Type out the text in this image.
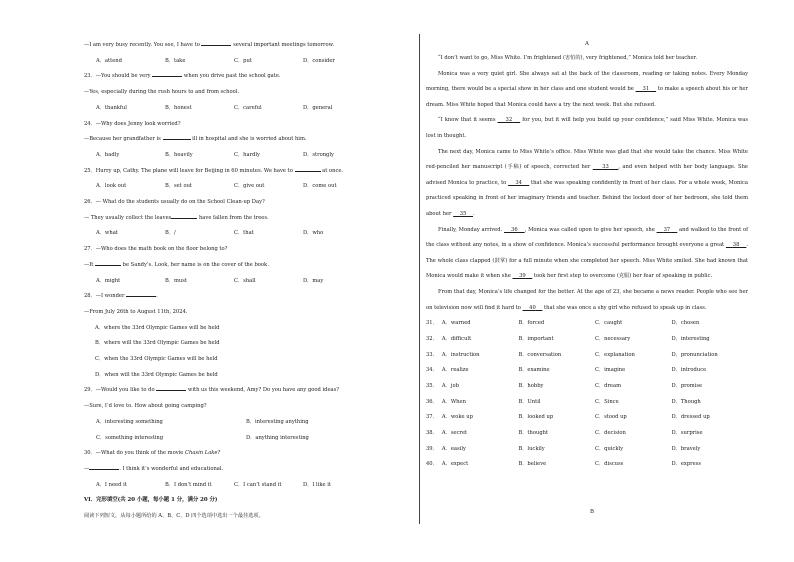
—I am very busy recently. You see, I have to	several important meetings tomorrow.
A．attend	B．take	C．put	D．consider
23．—You should be very	when you drive past the school gate.
—Yes, especially during the rush hours to and from school.
A．thankful	B．honest	C．careful	D．general
24．—Why does Jenny look worried?
—Because her grandfather is	ill in hospital and she is worried about him.
A．badly	B．heavily	C．hardly	D．strongly
25．Hurry up, Cathy. The plane will leave for Beijing in 60 minutes. We have to	at once.
A．look out	B．set out	C．give out	D．come out
26．— What do the students usually do on the School Clean-up Day?
— They usually collect the leaves	have fallen from the trees.
A．what	B．/	C．that	D．who
27．—Who does the math book on the floor belong to?
—It	be Sandy’s. Look, her name is on the cover of the book.
A．might	B．must	C．shall	D．may
28．—I wonder	.
—From July 26th to August 11th, 2024.
A．where the 33rd Olympic Games will be held
B．where will the 33rd Olympic Games be held
C．when the 33rd Olympic Games will be held
D．when will the 33rd Olympic Games be held
29．—Would you like to do	with us this weekend, Amy? Do you have any good ideas?
—Sure, I’d love to. How about going camping?
A．interesting something	B．interesting anything
C．something interesting	D．anything interesting
30．—What do you think of the movie Chasin Lake?
—	. I think it’s wonderful and educational.
A．I need it	B．I don’t mind it	C．I can’t stand it	D．I like it
VI．完形填空(共 20 小题，每小题 1 分，满分 20 分)
阅读下列短文，从每小题所给的 A、B、C、D 四个选项中选出一个最佳选项。
A
“I don’t want to go, Miss White. I’m frightened (害怕的), very frightened,” Monica told her teacher.
Monica was a very quiet girl. She always sat at the back of the classroom, reading or taking notes. Every Monday morning, there would be a special show in her class and one student would be     31     to make a speech about his or her dream. Miss White hoped that Monica could have a try the next week. But she refused.
“I know that it seems     32     for you, but it will help you build up your confidence,” said Miss White. Monica was lost in thought.
The next day, Monica came to Miss White’s office. Miss White was glad that she would take the chance. Miss White red-penciled her manuscript (手稿) of speech, corrected her     33 , and even helped with her body language. She advised Monica to practice, to     34     that she was speaking confidently in front of her class. For a whole week, Monica practiced speaking in front of her imaginary friends and teacher. Behind the locked door of her bedroom, she told them about her     35 .
Finally, Monday arrived.     36 , Monica was called upon to give her speech, she     37     and walked to the front of the class without any notes, in a show of confidence. Monica’s successful performance brought everyone a great     38 . The whole class clapped (鼓掌) for a full minute when she completed her speech. Miss White smiled. She had known that Monica would make it when she     39     took her first step to overcome (克服) her fear of speaking in public.
From that day, Monica’s life changed for the better. At the age of 23, she became a news reader. People who see her on television now will find it hard to     40     that she was once a shy girl who refused to speak up in class.
31． A．warned	B．forced	C．caught	D．chosen
32． A．difficult	B．important	C．necessary	D．interesting
33． A．instruction	B．conversation	C．explanation	D．pronunciation
34． A．realize	B．examine	C．imagine	D．introduce
35． A．job	B．hobby	C．dream	D．promise
36． A．When	B．Until	C．Since	D．Though
37． A．woke up	B．looked up	C．stood up	D．dressed up
38． A．secret	B．thought	C．decision	D．surprise
39． A．easily	B．luckily	C．quickly	D．bravely
40． A．expect	B．believe	C．discuss	D．express
B
